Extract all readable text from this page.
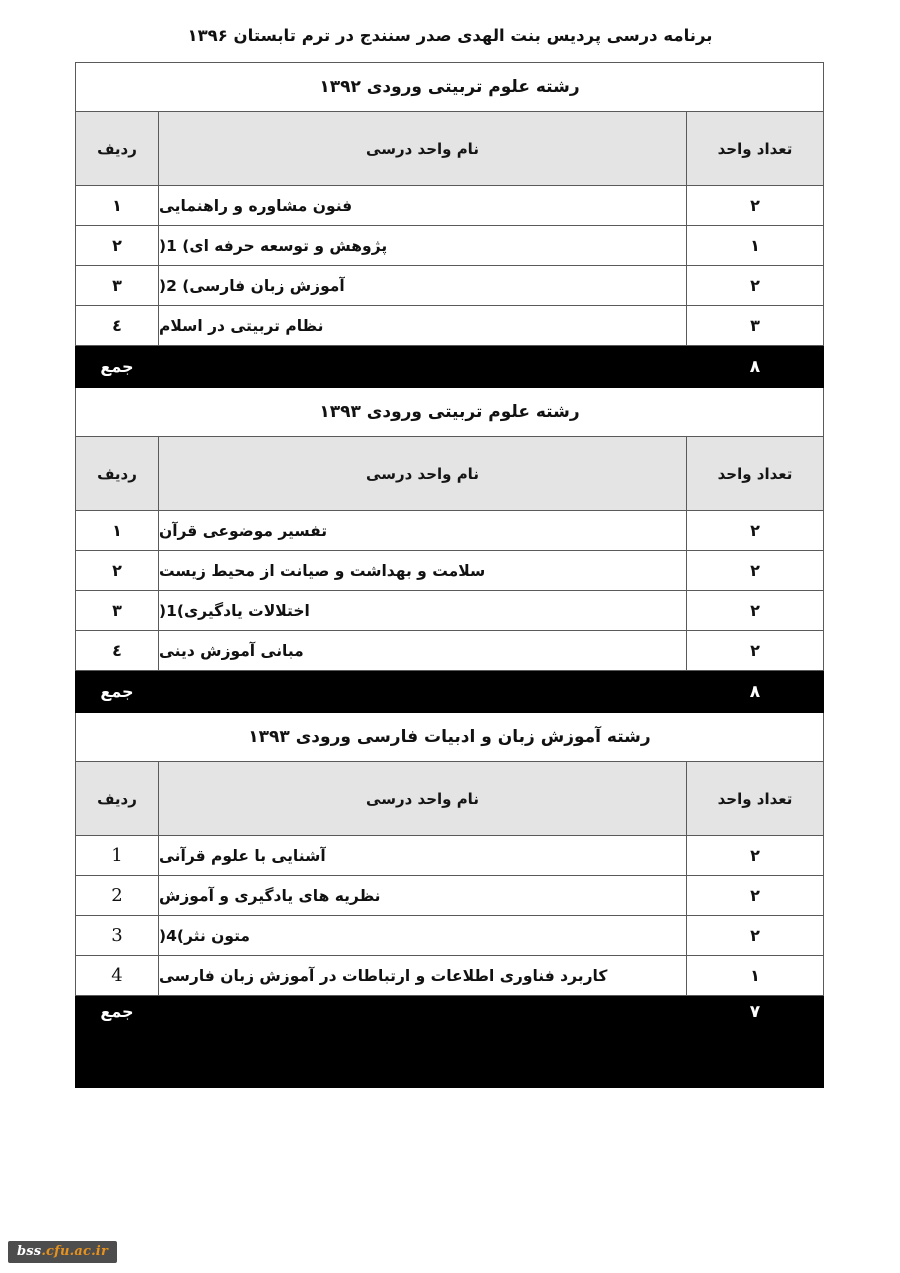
برنامه درسی پردیس بنت الهدی صدر سنندج در ترم تابستان ۱۳۹۶
رشته علوم تربیتی ورودی ۱۳۹۲		
تعداد واحد	نام واحد درسی	ردیف
۲	فنون مشاوره و راهنمایی	۱
۱	پژوهش و توسعه حرفه ای) 1(	۲
۲	آموزش زبان فارسی) 2(	۳
۳	نظام تربیتی در اسلام	٤
۸		جمع
رشته علوم تربیتی ورودی ۱۳۹۳		
تعداد واحد	نام واحد درسی	ردیف
۲	تفسیر موضوعی قرآن	۱
۲	سلامت و بهداشت و صیانت از محیط زیست	۲
۲	اختلالات یادگیری)1(	۳
۲	مبانی آموزش دینی	٤
۸		جمع
رشته آموزش زبان و ادبیات فارسی ورودی ۱۳۹۳		
تعداد واحد	نام واحد درسی	ردیف
۲	آشنایی با علوم قرآنی	1
۲	نظریه های یادگیری و آموزش	2
۲	متون نثر)4(	3
۱	کاربرد فناوری اطلاعات و ارتباطات در آموزش زبان فارسی	4
۷		جمع
bss.cfu.ac.ir
